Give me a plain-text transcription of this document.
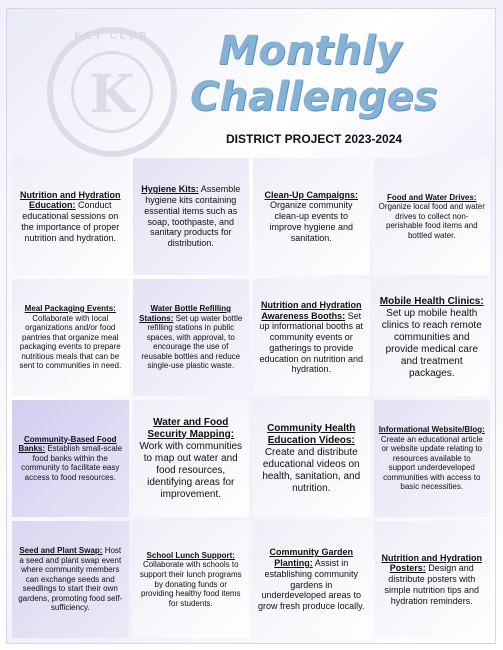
KEY CLUB
K
Monthly
Challenges
DISTRICT PROJECT 2023-2024
Nutrition and Hydration Education: Conduct educational sessions on the importance of proper nutrition and hydration.
Hygiene Kits: Assemble hygiene kits containing essential items such as soap, toothpaste, and sanitary products for distribution.
Clean-Up Campaigns: Organize community clean-up events to improve hygiene and sanitation.
Food and Water Drives: Organize local food and water drives to collect non-perishable food items and bottled water.
Meal Packaging Events: Collaborate with local organizations and/or food pantries that organize meal packaging events to prepare nutritious meals that can be sent to communities in need.
Water Bottle Refilling Stations: Set up water bottle refilling stations in public spaces, with approval, to encourage the use of reusable bottles and reduce single-use plastic waste.
Nutrition and Hydration Awareness Booths: Set up informational booths at community events or gatherings to provide education on nutrition and hydration.
Mobile Health Clinics: Set up mobile health clinics to reach remote communities and provide medical care and treatment packages.
Community-Based Food Banks: Establish small-scale food banks within the community to facilitate easy access to food resources.
Water and Food Security Mapping: Work with communities to map out water and food resources, identifying areas for improvement.
Community Health Education Videos: Create and distribute educational videos on health, sanitation, and nutrition.
Informational Website/Blog: Create an educational article or website update relating to resources available to support underdeveloped communities with access to basic necessities.
Seed and Plant Swap: Host a seed and plant swap event where community members can exchange seeds and seedlings to start their own gardens, promoting food self-sufficiency.
School Lunch Support: Collaborate with schools to support their lunch programs by donating funds or providing healthy food items for students.
Community Garden Planting: Assist in establishing community gardens in underdeveloped areas to grow fresh produce locally.
Nutrition and Hydration Posters: Design and distribute posters with simple nutrition tips and hydration reminders.
